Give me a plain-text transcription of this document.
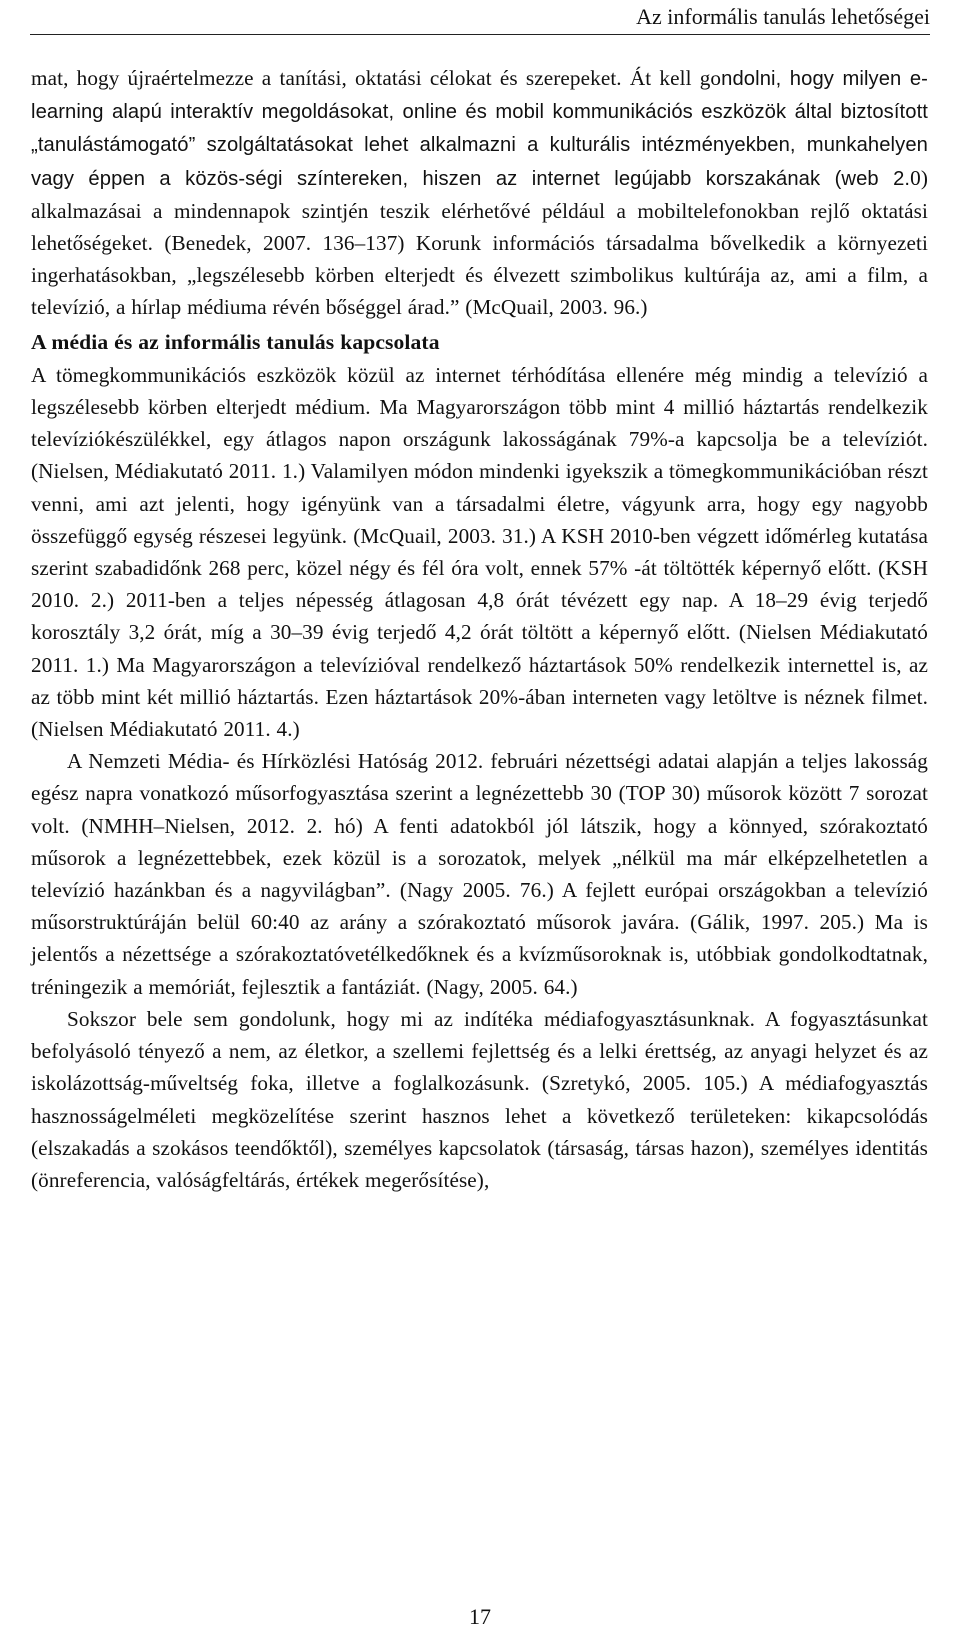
Az informális tanulás lehetőségei

mat, hogy újraértelmezze a tanítási, oktatási célokat és szerepeket. Át kell gondolni, hogy milyen e-learning alapú interaktív megoldásokat, online és mobil kommunikációs eszközök által biztosított „tanulástámogató” szolgáltatásokat lehet alkalmazni a kulturális intézményekben, munkahelyen vagy éppen a közös-ségi színtereken, hiszen az internet legújabb korszakának (web 2.0) alkalmazásai a mindennapok szintjén teszik elérhetővé például a mobiltelefonokban rejlő oktatási lehetőségeket. (Benedek, 2007. 136–137) Korunk információs társadalma bővelkedik a környezeti ingerhatásokban, „legszélesebb körben elterjedt és élvezett szimbolikus kultúrája az, ami a film, a televízió, a hírlap médiuma révén bőséggel árad.” (McQuail, 2003. 96.)

A média és az informális tanulás kapcsolata

A tömegkommunikációs eszközök közül az internet térhódítása ellenére még mindig a televízió a legszélesebb körben elterjedt médium. Ma Magyarországon több mint 4 millió háztartás rendelkezik televíziókészülékkel, egy átlagos napon országunk lakosságának 79%-a kapcsolja be a televíziót. (Nielsen, Médiakutató 2011. 1.) Valamilyen módon mindenki igyekszik a tömegkommunikációban részt venni, ami azt jelenti, hogy igényünk van a társadalmi életre, vágyunk arra, hogy egy nagyobb összefüggő egység részesei legyünk. (McQuail, 2003. 31.) A KSH 2010-ben végzett időmérleg kutatása szerint szabadidőnk 268 perc, közel négy és fél óra volt, ennek 57% -át töltötték képernyő előtt. (KSH 2010. 2.) 2011-ben a teljes népesség átlagosan 4,8 órát tévézett egy nap. A 18–29 évig terjedő korosztály 3,2 órát, míg a 30–39 évig terjedő 4,2 órát töltött a képernyő előtt. (Nielsen Médiakutató 2011. 1.) Ma Magyarországon a televízióval rendelkező háztartások 50% rendelkezik internettel is, az az több mint két millió háztartás. Ezen háztartások 20%-ában interneten vagy letöltve is néznek filmet. (Nielsen Médiakutató 2011. 4.)

A Nemzeti Média- és Hírközlési Hatóság 2012. februári nézettségi adatai alapján a teljes lakosság egész napra vonatkozó műsorfogyasztása szerint a legnézettebb 30 (TOP 30) műsorok között 7 sorozat volt. (NMHH–Nielsen, 2012. 2. hó) A fenti adatokból jól látszik, hogy a könnyed, szórakoztató műsorok a legnézettebbek, ezek közül is a sorozatok, melyek „nélkül ma már elképzelhetetlen a televízió hazánkban és a nagyvilágban”. (Nagy 2005. 76.) A fejlett európai országokban a televízió műsorstruktúráján belül 60:40 az arány a szórakoztató műsorok javára. (Gálik, 1997. 205.) Ma is jelentős a nézettsége a szórakoztatóvetélkedőknek és a kvízműsoroknak is, utóbbiak gondolkodtatnak, tréningezik a memóriát, fejlesztik a fantáziát. (Nagy, 2005. 64.)

Sokszor bele sem gondolunk, hogy mi az indítéka médiafogyasztásunknak. A fogyasztásunkat befolyásoló tényező a nem, az életkor, a szellemi fejlettség és a lelki érettség, az anyagi helyzet és az iskolázottság-műveltség foka, illetve a foglalkozásunk. (Szretykó, 2005. 105.) A médiafogyasztás hasznosságelméleti megközelítése szerint hasznos lehet a következő területeken: kikapcsolódás (elszakadás a szokásos teendőktől), személyes kapcsolatok (társaság, társas hazon), személyes identitás (önreferencia, valóságfeltárás, értékek megerősítése),

17
